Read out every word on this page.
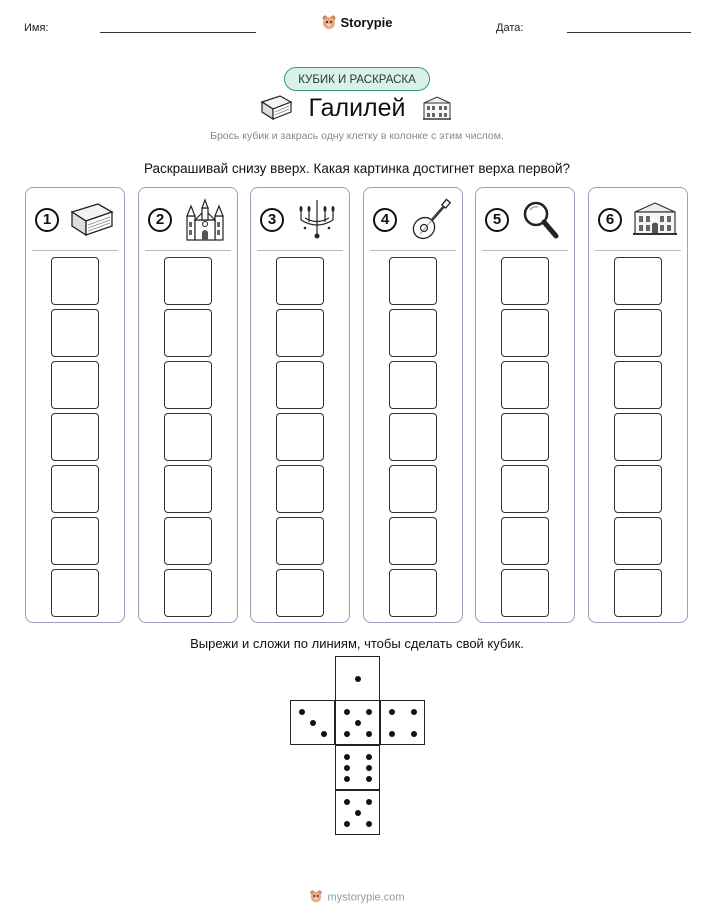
Имя:	Storypie	Дата:
КУБИК И РАСКРАСКА
Галилей
Брось кубик и закрась одну клетку в колонке с этим числом.
Раскрашивай снизу вверх. Какая картинка достигнет верха первой?
1	2	3	4	5	6
Вырежи и сложи по линиям, чтобы сделать свой кубик.
mystorypie.com
